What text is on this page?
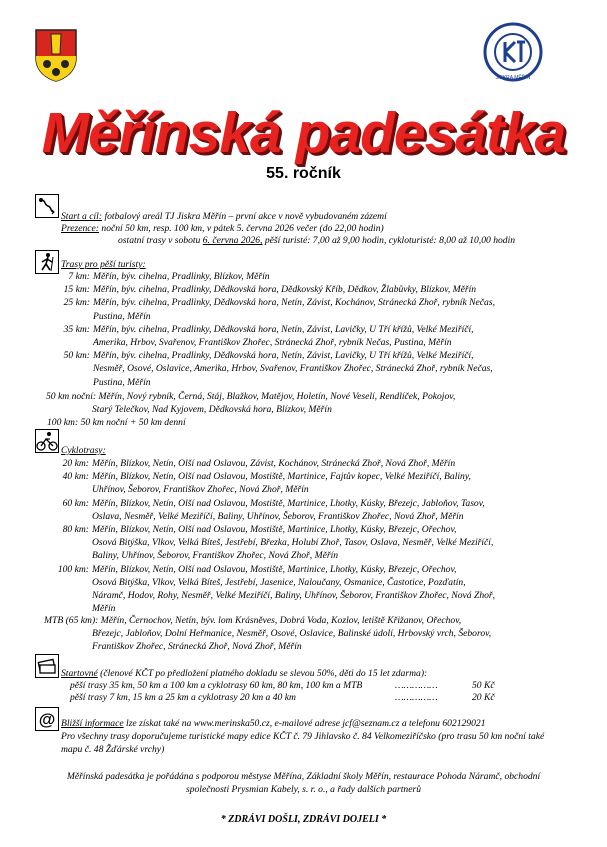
JISKRA MĚŘÍN
Měřínská padesátka
55. ročník
Start a cíl: fotbalový areál TJ Jiskra Měřín – první akce v nově vybudovaném zázemí
Prezence: noční 50 km, resp. 100 km, v pátek 5. června 2026 večer (do 22,00 hodin)
ostatní trasy v sobotu 6. června 2026, pěší turisté: 7,00 až 9,00 hodin, cykloturisté: 8,00 až 10,00 hodin
Trasy pro pěší turisty:
7 km: Měřín, býv. cihelna, Pradlinky, Blízkov, Měřín
15 km: Měřín, býv. cihelna, Pradlinky, Dědkovská hora, Dědkovský Kříb, Dědkov, Žlabůvky, Blízkov, Měřín
25 km: Měřín, býv. cihelna, Pradlinky, Dědkovská hora, Netín, Závist, Kochánov, Stránecká Zhoř, rybník Nečas,
Pustina, Měřín
35 km: Měřín, býv. cihelna, Pradlinky, Dědkovská hora, Netín, Závist, Lavičky, U Tří křížů, Velké Meziříčí,
Amerika, Hrbov, Svařenov, Františkov Zhořec, Stránecká Zhoř, rybník Nečas, Pustina, Měřín
50 km: Měřín, býv. cihelna, Pradlinky, Dědkovská hora, Netín, Závist, Lavičky, U Tří křížů, Velké Meziříčí,
Nesměř, Osové, Oslavice, Amerika, Hrbov, Svařenov, Františkov Zhořec, Stránecká Zhoř, rybník Nečas,
Pustina, Měřín
50 km noční: Měřín, Nový rybník, Černá, Stáj, Blažkov, Matějov, Holetín, Nové Veselí, Rendlíček, Pokojov,
Starý Telečkov, Nad Kyjovem, Dědkovská hora, Blízkov, Měřín
100 km: 50 km noční + 50 km denní
Cyklotrasy:
20 km: Měřín, Blízkov, Netín, Olší nad Oslavou, Závist, Kochánov, Stránecká Zhoř, Nová Zhoř, Měřín
40 km: Měřín, Blízkov, Netín, Olší nad Oslavou, Mostiště, Martinice, Fajtův kopec, Velké Meziříčí, Baliny,
Uhřínov, Šeborov, Františkov Zhořec, Nová Zhoř, Měřín
60 km: Měřín, Blízkov, Netín, Olší nad Oslavou, Mostiště, Martinice, Lhotky, Kúsky, Březejc, Jabloňov, Tasov,
Oslava, Nesměř, Velké Meziříčí, Baliny, Uhřínov, Šeborov, Františkov Zhořec, Nová Zhoř, Měřín
80 km: Měřín, Blízkov, Netín, Olší nad Oslavou, Mostiště, Martinice, Lhotky, Kúsky, Březejc, Ořechov,
Osová Bitýška, Vlkov, Velká Bíteš, Jestřebí, Březka, Holubí Zhoř, Tasov, Oslava, Nesměř, Velké Meziříčí,
Baliny, Uhřínov, Šeborov, Františkov Zhořec, Nová Zhoř, Měřín
100 km: Měřín, Blízkov, Netín, Olší nad Oslavou, Mostiště, Martinice, Lhotky, Kúsky, Březejc, Ořechov,
Osová Bitýška, Vlkov, Velká Bíteš, Jestřebí, Jasenice, Naloučany, Osmanice, Častotice, Pozďatín,
Náramč, Hodov, Rohy, Nesměř, Velké Meziříčí, Baliny, Uhřínov, Šeborov, Františkov Zhořec, Nová Zhoř,
Měřín
MTB (65 km): Měřín, Černochov, Netín, býv. lom Krásněves, Dobrá Voda, Kozlov, letiště Křižanov, Ořechov,
Březejc, Jabloňov, Dolní Heřmanice, Nesměř, Osové, Oslavice, Balinské údolí, Hrbovský vrch, Šeborov,
Františkov Zhořec, Stránecká Zhoř, Nová Zhoř, Měřín
Startovné (členové KČT po předložení platného dokladu se slevou 50%, děti do 15 let zdarma):
pěší trasy 35 km, 50 km a 100 km a cyklotrasy 60 km, 80 km, 100 km a MTB	……………	50 Kč
pěší trasy 7 km, 15 km a 25 km a cyklotrasy 20 km a 40 km	……………	20 Kč
@ Bližší informace lze získat také na www.merinska50.cz, e-mailové adrese jcf@seznam.cz a telefonu 602129021
Pro všechny trasy doporučujeme turistické mapy edice KČT č. 79 Jihlavsko č. 84 Velkomeziříčsko (pro trasu 50 km noční také
mapu č. 48 Žďárské vrchy)
Měřínská padesátka je pořádána s podporou městyse Měřína, Základní školy Měřín, restaurace Pohoda Náramč, obchodní
společnosti Prysmian Kabely, s. r. o., a řady dalších partnerů
* ZDRÁVI DOŠLI, ZDRÁVI DOJELI *
